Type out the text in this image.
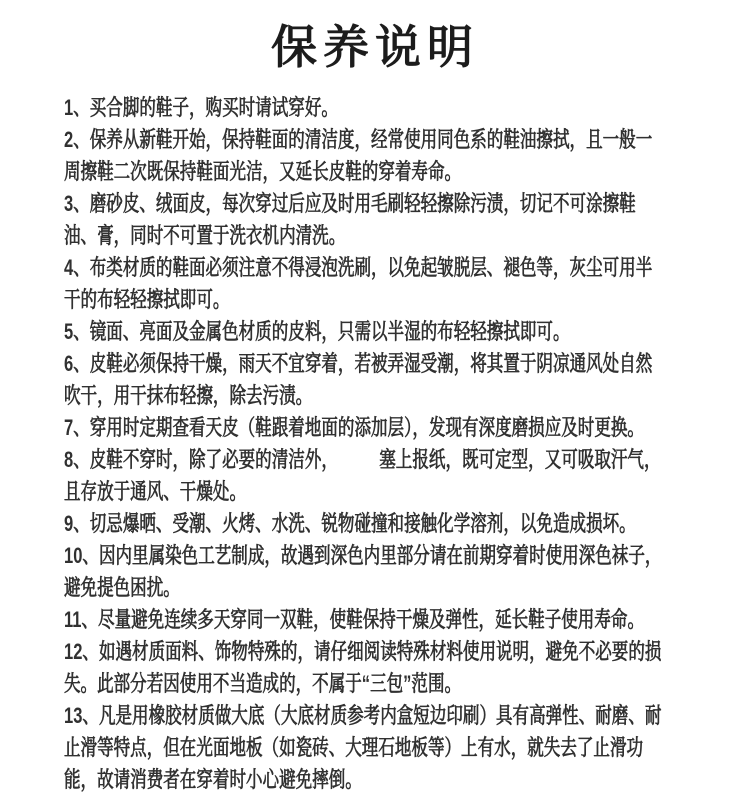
保养说明

1、买合脚的鞋子，购买时请试穿好。

2、保养从新鞋开始，保持鞋面的清洁度，经常使用同色系的鞋油擦拭，且一般一周擦鞋二次既保持鞋面光洁，又延长皮鞋的穿着寿命。

3、磨砂皮、绒面皮，每次穿过后应及时用毛刷轻轻擦除污渍，切记不可涂擦鞋油、膏，同时不可置于洗衣机内清洗。

4、布类材质的鞋面必须注意不得浸泡洗刷，以免起皱脱层、褪色等，灰尘可用半干的布轻轻擦拭即可。

5、镜面、亮面及金属色材质的皮料，只需以半湿的布轻轻擦拭即可。

6、皮鞋必须保持干燥，雨天不宜穿着，若被弄湿受潮，将其置于阴凉通风处自然吹干，用干抹布轻擦，除去污渍。

7、穿用时定期查看天皮（鞋跟着地面的添加层），发现有深度磨损应及时更换。

8、皮鞋不穿时，除了必要的清洁外，　　　塞上报纸，既可定型，又可吸取汗气，且存放于通风、干燥处。

9、切忌爆晒、受潮、火烤、水洗、锐物碰撞和接触化学溶剂，以免造成损坏。

10、因内里属染色工艺制成，故遇到深色内里部分请在前期穿着时使用深色袜子，避免提色困扰。

11、尽量避免连续多天穿同一双鞋，使鞋保持干燥及弹性，延长鞋子使用寿命。

12、如遇材质面料、饰物特殊的，请仔细阅读特殊材料使用说明，避免不必要的损失。此部分若因使用不当造成的，不属于“三包”范围。

13、凡是用橡胶材质做大底（大底材质参考内盒短边印刷）具有高弹性、耐磨、耐止滑等特点，但在光面地板（如瓷砖、大理石地板等）上有水，就失去了止滑功能，故请消费者在穿着时小心避免摔倒。
